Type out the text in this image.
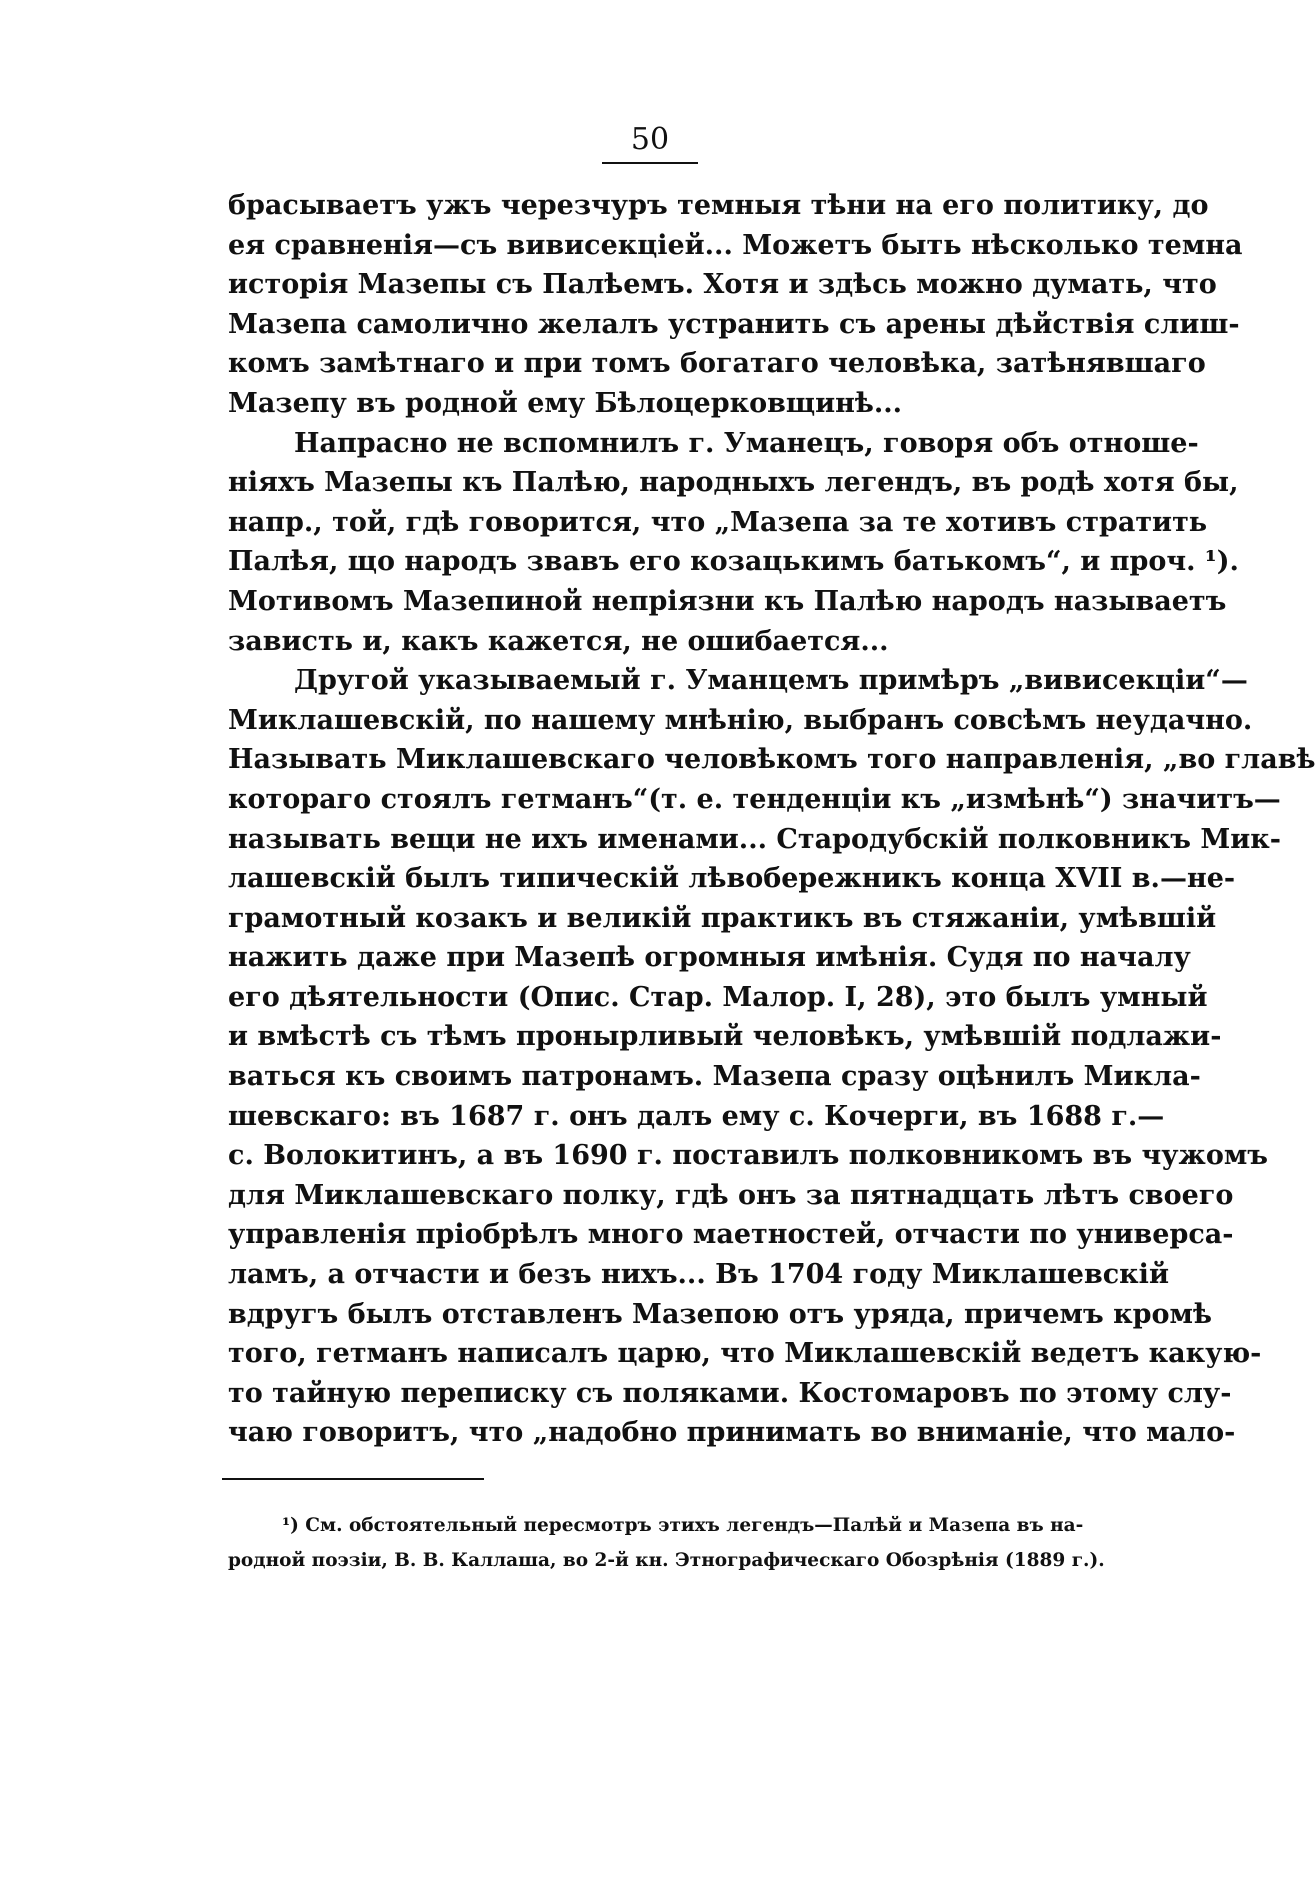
50

брасываетъ ужъ черезчуръ темныя тѣни на его политику, до
ея сравненія—съ вивисекціей... Можетъ быть нѣсколько темна
исторія Мазепы съ Палѣемъ. Хотя и здѣсь можно думать, что
Мазепа самолично желалъ устранить съ арены дѣйствія слиш-
комъ замѣтнаго и при томъ богатаго человѣка, затѣнявшаго
Мазепу въ родной ему Бѣлоцерковщинѣ...

Напрасно не вспомнилъ г. Уманецъ, говоря объ отноше-
ніяхъ Мазепы къ Палѣю, народныхъ легендъ, въ родѣ хотя бы,
напр., той, гдѣ говорится, что „Мазепа за те хотивъ стратить
Палѣя, що народъ звавъ его козацькимъ батькомъ“, и проч. ¹).
Мотивомъ Мазепиной непріязни къ Палѣю народъ называетъ
зависть и, какъ кажется, не ошибается...

Другой указываемый г. Уманцемъ примѣръ „вивисекціи“—
Миклашевскій, по нашему мнѣнію, выбранъ совсѣмъ неудачно.
Называть Миклашевскаго человѣкомъ того направленія, „во главѣ
котораго стоялъ гетманъ“(т. е. тенденціи къ „измѣнѣ“) значитъ—
называть вещи не ихъ именами... Стародубскій полковникъ Мик-
лашевскій былъ типическій лѣвобережникъ конца XVII в.—не-
грамотный козакъ и великій практикъ въ стяжаніи, умѣвшій
нажить даже при Мазепѣ огромныя имѣнія. Судя по началу
его дѣятельности (Опис. Стар. Малор. I, 28), это былъ умный
и вмѣстѣ съ тѣмъ пронырливый человѣкъ, умѣвшій подлажи-
ваться къ своимъ патронамъ. Мазепа сразу оцѣнилъ Микла-
шевскаго: въ 1687 г. онъ далъ ему с. Кочерги, въ 1688 г.—
с. Волокитинъ, а въ 1690 г. поставилъ полковникомъ въ чужомъ
для Миклашевскаго полку, гдѣ онъ за пятнадцать лѣтъ своего
управленія пріобрѣлъ много маетностей, отчасти по универса-
ламъ, а отчасти и безъ нихъ... Въ 1704 году Миклашевскій
вдругъ былъ отставленъ Мазепою отъ уряда, причемъ кромѣ
того, гетманъ написалъ царю, что Миклашевскій ведетъ какую-
то тайную переписку съ поляками. Костомаровъ по этому слу-
чаю говоритъ, что „надобно принимать во вниманіе, что мало-

¹) См. обстоятельный пересмотръ этихъ легендъ—Палѣй и Мазепа въ на-
родной поэзіи, В. В. Каллаша, во 2-й кн. Этнографическаго Обозрѣнія (1889 г.).
